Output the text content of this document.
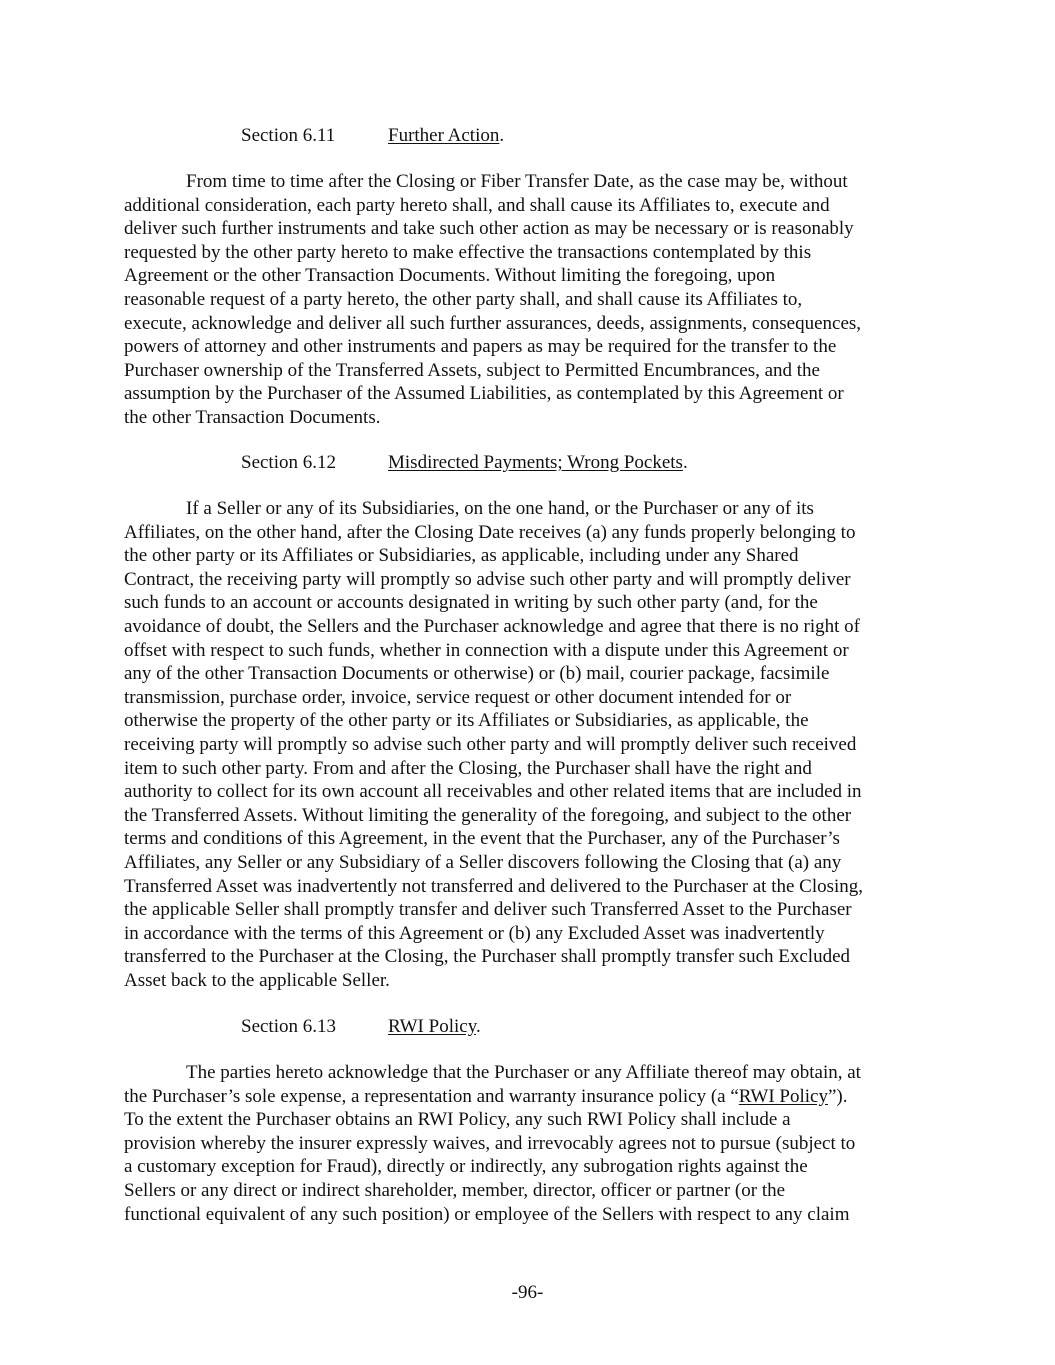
Section 6.11	Further Action.
From time to time after the Closing or Fiber Transfer Date, as the case may be, without
additional consideration, each party hereto shall, and shall cause its Affiliates to, execute and
deliver such further instruments and take such other action as may be necessary or is reasonably
requested by the other party hereto to make effective the transactions contemplated by this
Agreement or the other Transaction Documents. Without limiting the foregoing, upon
reasonable request of a party hereto, the other party shall, and shall cause its Affiliates to,
execute, acknowledge and deliver all such further assurances, deeds, assignments, consequences,
powers of attorney and other instruments and papers as may be required for the transfer to the
Purchaser ownership of the Transferred Assets, subject to Permitted Encumbrances, and the
assumption by the Purchaser of the Assumed Liabilities, as contemplated by this Agreement or
the other Transaction Documents.
Section 6.12	Misdirected Payments; Wrong Pockets.
If a Seller or any of its Subsidiaries, on the one hand, or the Purchaser or any of its
Affiliates, on the other hand, after the Closing Date receives (a) any funds properly belonging to
the other party or its Affiliates or Subsidiaries, as applicable, including under any Shared
Contract, the receiving party will promptly so advise such other party and will promptly deliver
such funds to an account or accounts designated in writing by such other party (and, for the
avoidance of doubt, the Sellers and the Purchaser acknowledge and agree that there is no right of
offset with respect to such funds, whether in connection with a dispute under this Agreement or
any of the other Transaction Documents or otherwise) or (b) mail, courier package, facsimile
transmission, purchase order, invoice, service request or other document intended for or
otherwise the property of the other party or its Affiliates or Subsidiaries, as applicable, the
receiving party will promptly so advise such other party and will promptly deliver such received
item to such other party. From and after the Closing, the Purchaser shall have the right and
authority to collect for its own account all receivables and other related items that are included in
the Transferred Assets. Without limiting the generality of the foregoing, and subject to the other
terms and conditions of this Agreement, in the event that the Purchaser, any of the Purchaser’s
Affiliates, any Seller or any Subsidiary of a Seller discovers following the Closing that (a) any
Transferred Asset was inadvertently not transferred and delivered to the Purchaser at the Closing,
the applicable Seller shall promptly transfer and deliver such Transferred Asset to the Purchaser
in accordance with the terms of this Agreement or (b) any Excluded Asset was inadvertently
transferred to the Purchaser at the Closing, the Purchaser shall promptly transfer such Excluded
Asset back to the applicable Seller.
Section 6.13	RWI Policy.
The parties hereto acknowledge that the Purchaser or any Affiliate thereof may obtain, at
the Purchaser’s sole expense, a representation and warranty insurance policy (a “RWI Policy”).
To the extent the Purchaser obtains an RWI Policy, any such RWI Policy shall include a
provision whereby the insurer expressly waives, and irrevocably agrees not to pursue (subject to
a customary exception for Fraud), directly or indirectly, any subrogation rights against the
Sellers or any direct or indirect shareholder, member, director, officer or partner (or the
functional equivalent of any such position) or employee of the Sellers with respect to any claim
-96-
